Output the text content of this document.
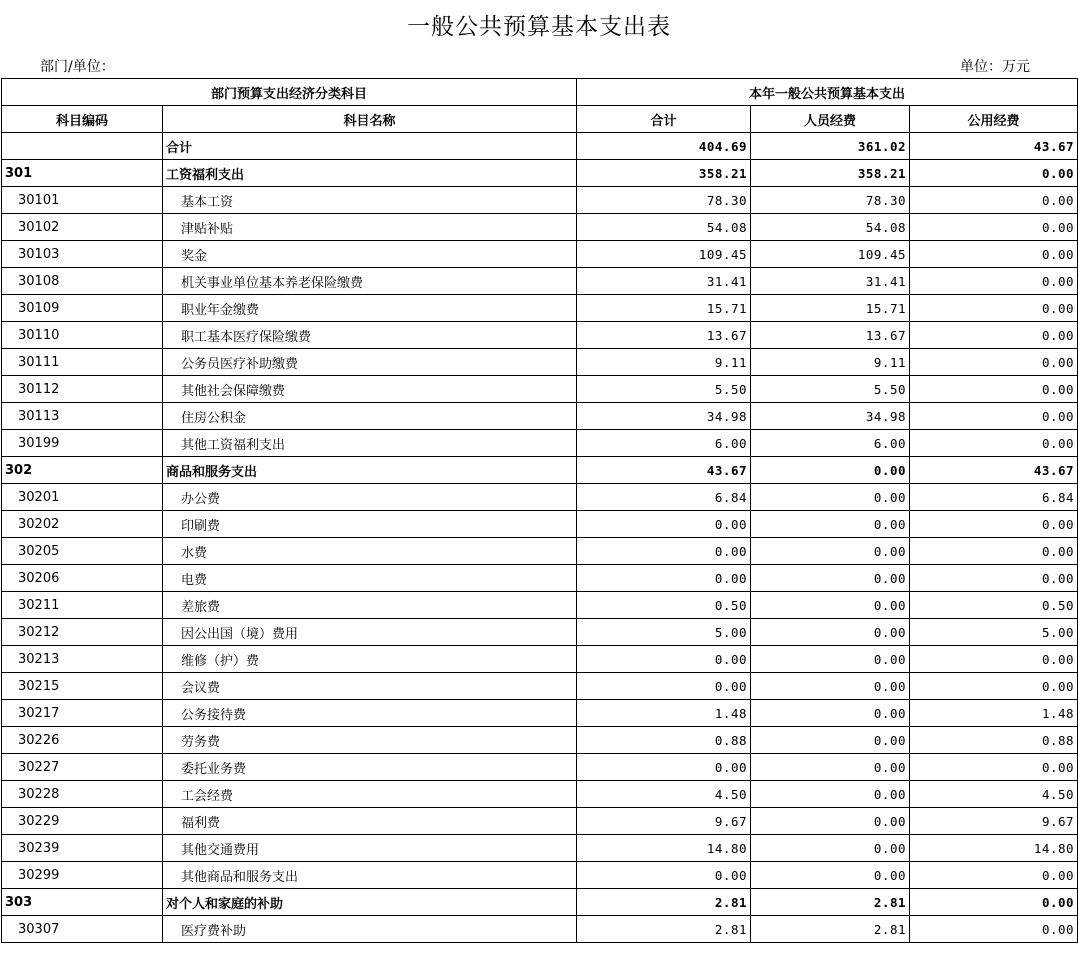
一般公共预算基本支出表
部门/单位：	单位：万元
部门预算支出经济分类科目		本年一般公共预算基本支出		
科目编码	科目名称	合计	人员经费	公用经费
	合计	404.69	361.02	43.67
301	工资福利支出	358.21	358.21	0.00
30101	基本工资	78.30	78.30	0.00
30102	津贴补贴	54.08	54.08	0.00
30103	奖金	109.45	109.45	0.00
30108	机关事业单位基本养老保险缴费	31.41	31.41	0.00
30109	职业年金缴费	15.71	15.71	0.00
30110	职工基本医疗保险缴费	13.67	13.67	0.00
30111	公务员医疗补助缴费	9.11	9.11	0.00
30112	其他社会保障缴费	5.50	5.50	0.00
30113	住房公积金	34.98	34.98	0.00
30199	其他工资福利支出	6.00	6.00	0.00
302	商品和服务支出	43.67	0.00	43.67
30201	办公费	6.84	0.00	6.84
30202	印刷费	0.00	0.00	0.00
30205	水费	0.00	0.00	0.00
30206	电费	0.00	0.00	0.00
30211	差旅费	0.50	0.00	0.50
30212	因公出国（境）费用	5.00	0.00	5.00
30213	维修（护）费	0.00	0.00	0.00
30215	会议费	0.00	0.00	0.00
30217	公务接待费	1.48	0.00	1.48
30226	劳务费	0.88	0.00	0.88
30227	委托业务费	0.00	0.00	0.00
30228	工会经费	4.50	0.00	4.50
30229	福利费	9.67	0.00	9.67
30239	其他交通费用	14.80	0.00	14.80
30299	其他商品和服务支出	0.00	0.00	0.00
303	对个人和家庭的补助	2.81	2.81	0.00
30307	医疗费补助	2.81	2.81	0.00
